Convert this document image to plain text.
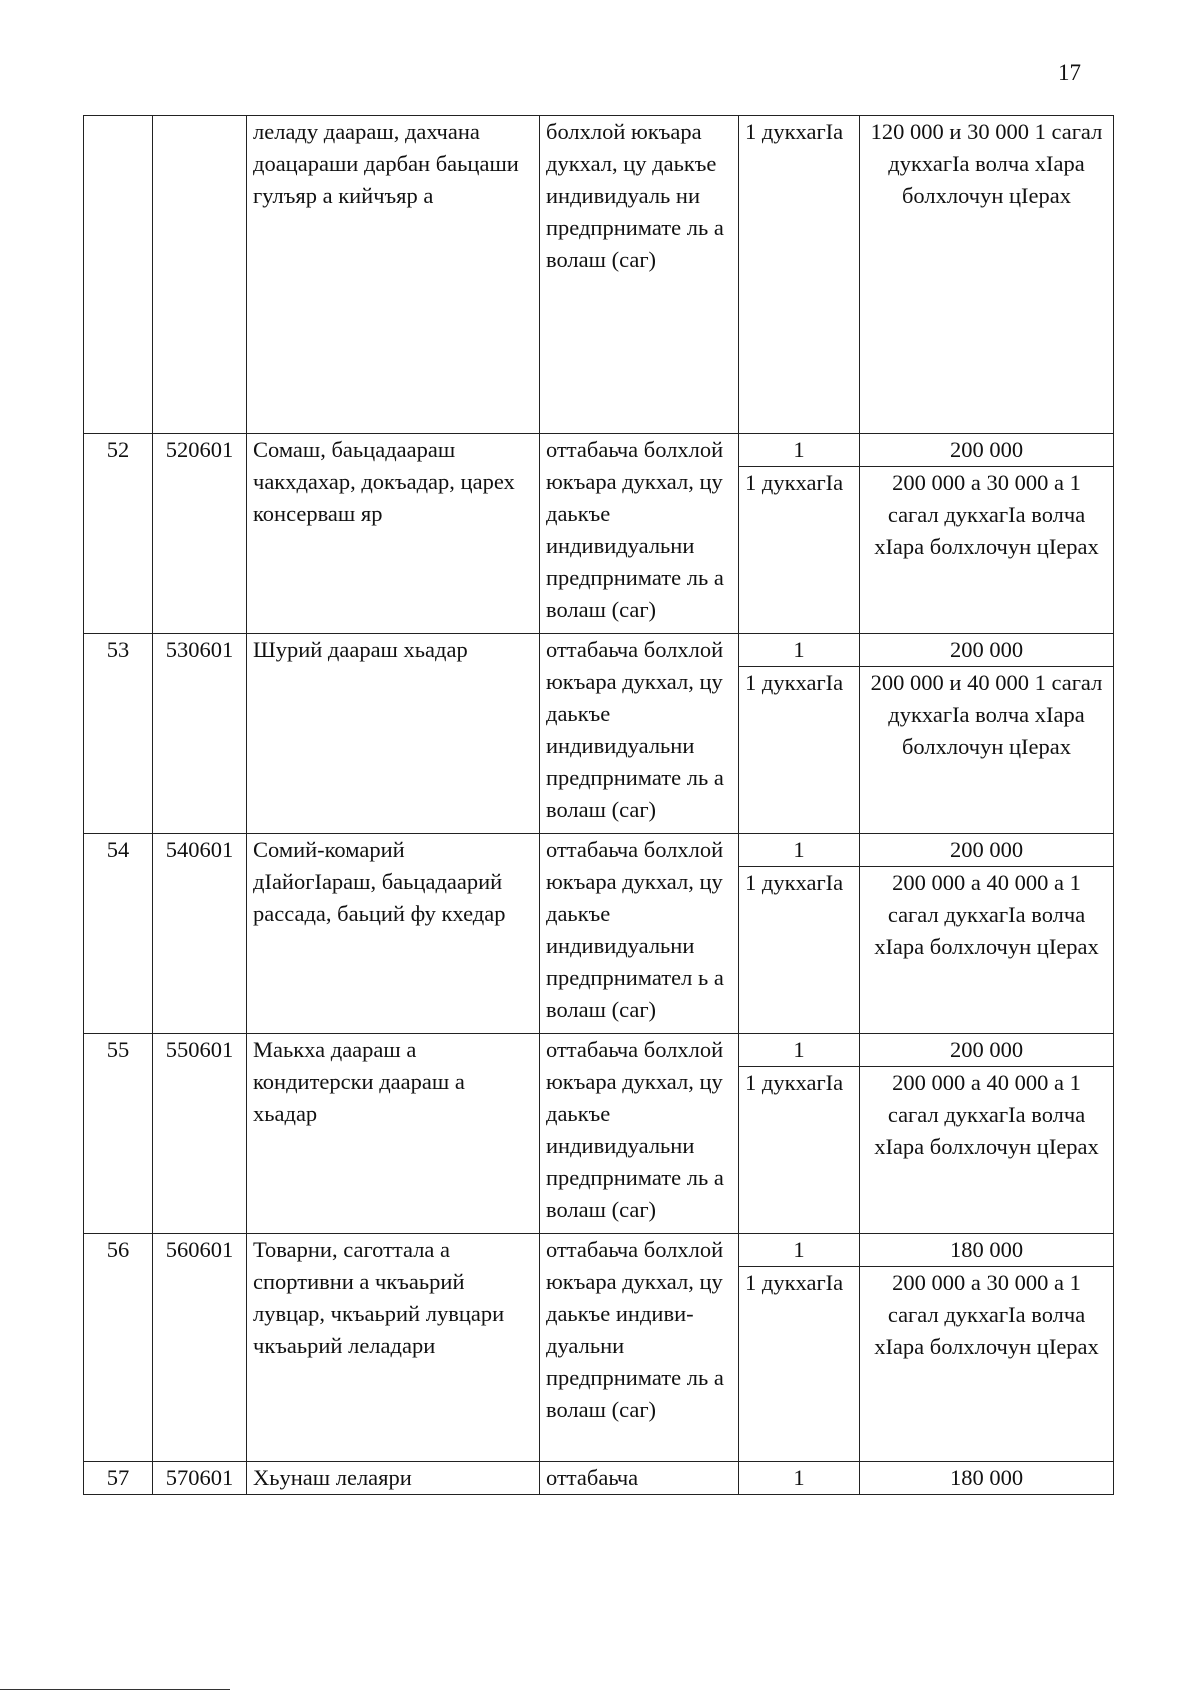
17
		леладу дaараш, дахчана доацараши дарбан баьцаши гулъяр а кийчъяр а	болхлой юкъара дукхал, цу даькъе индивидуаль ни предпрнимате ль а волаш (саг)	1 дукхагIа	120 000 и 30 000 1 сагал дукхагIа волча хIара болхлочун цIерах
52	520601	Сомаш, баьцадaараш чакхдахар, докъадар, царех консерваш яр	оттабаьча болхлой юкъара дукхал, цу даькъе индивидуальни предпрнимате ль а волаш (саг)	1	200 000
				1 дукхагIа	200 000 а 30 000 а 1 сагал дукхагIа волча хIара болхлочун цIерах
53	530601	Шурий даараш хьадар	оттабаьча болхлой юкъара дукхал, цу даькъе индивидуальни предпрнимате ль а волаш (саг)	1	200 000
				1 дукхагIа	200 000 и 40 000 1 сагал дукхагIа волча хIара болхлочун цIерах
54	540601	Сомий-комарий дIайогIараш, баьцадаарий рассада, баьций фу кхедар	оттабаьча болхлой юкъара дукхал, цу даькъе индивидуальни предпрниматeл ь а волаш (саг)	1	200 000
				1 дукхагIа	200 000 а 40 000 а 1 сагал дукхагIа волча хIара болхлочун цIерах
55	550601	Маькха даараш а кондитерски даараш а хьадар	оттабаьча болхлой юкъара дукхал, цу даькъе индивидуальни предпрнимате ль а волаш (саг)	1	200 000
				1 дукхагIа	200 000 а 40 000 а 1 сагал дукхагIа волча хIара болхлочун цIерах
56	560601	Товарни, саготтала а спортивни а чкъаьрий лувцар, чкъаьрий лувцари чкъаьрий леладари	оттабаьча болхлой юкъара дукхал, цу даькъе индиви-дуальни предпрнимате ль а волаш (саг)	1	180 000
				1 дукхагIа	200 000 а 30 000 а 1 сагал дукхагIа волча хIара болхлочун цIерах
57	570601	Хьунаш лелаяри	оттабаьча	1	180 000
